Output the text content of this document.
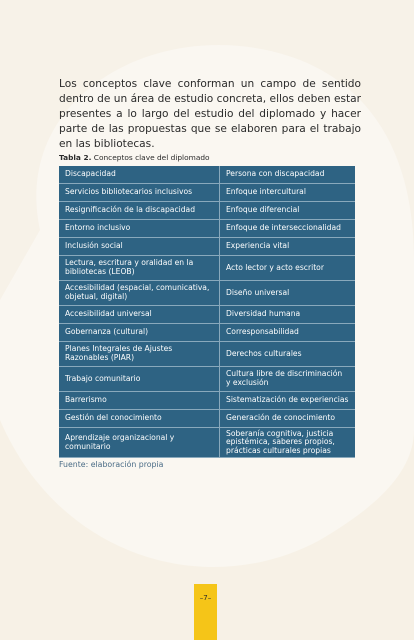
Los conceptos clave conforman un campo de sentido dentro de un área de estudio concreta, ellos deben estar presentes a lo largo del estudio del diplomado y hacer parte de las propuestas que se elaboren para el trabajo en las bibliotecas.

Tabla 2. Conceptos clave del diplomado

Discapacidad	Persona con discapacidad
Servicios bibliotecarios inclusivos	Enfoque intercultural
Resignificación de la discapacidad	Enfoque diferencial
Entorno inclusivo	Enfoque de interseccionalidad
Inclusión social	Experiencia vital
Lectura, escritura y oralidad en la bibliotecas (LEOB)	Acto lector y acto escritor
Accesibilidad (espacial, comunicativa, objetual, digital)	Diseño universal
Accesibilidad universal	Diversidad humana
Gobernanza (cultural)	Corresponsabilidad
Planes Integrales de Ajustes Razonables (PIAR)	Derechos culturales
Trabajo comunitario	Cultura libre de discriminación y exclusión
Barrerismo	Sistematización de experiencias
Gestión del conocimiento	Generación de conocimiento
Aprendizaje organizacional y comunitario	Soberanía cognitiva, justicia epistémica, saberes propios, prácticas culturales propias

Fuente: elaboración propia

–7–
